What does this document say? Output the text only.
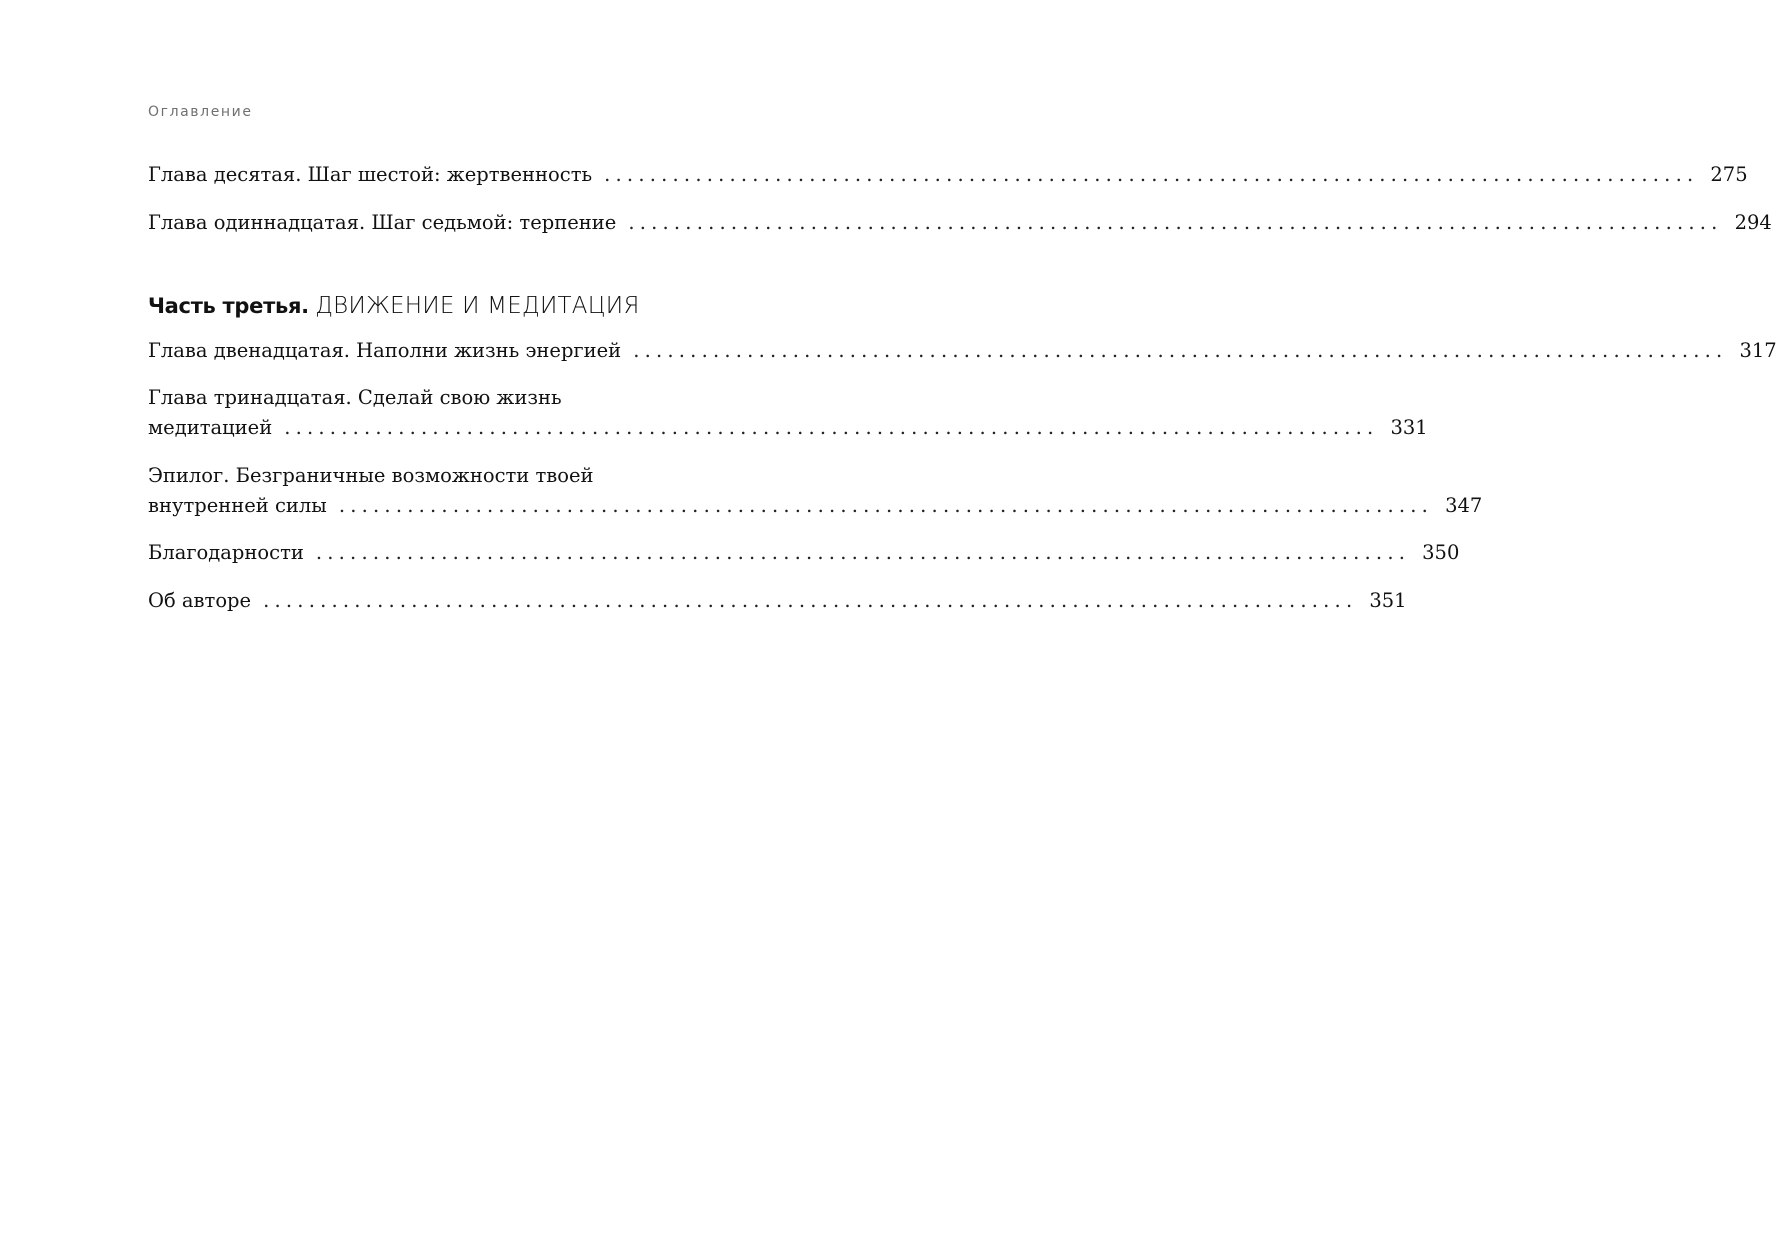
Оглавление
Глава десятая. Шаг шестой: жертвенность ................................................................................................ 275
Глава одиннадцатая. Шаг седьмой: терпение ................................................................................................ 294
Часть третья. ДВИЖЕНИЕ И МЕДИТАЦИЯ
Глава двенадцатая. Наполни жизнь энергией ................................................................................................ 317
Глава тринадцатая. Сделай свою жизнь
медитацией ................................................................................................ 331
Эпилог. Безграничные возможности твоей
внутренней силы ................................................................................................ 347
Благодарности ................................................................................................ 350
Об авторе ................................................................................................ 351
